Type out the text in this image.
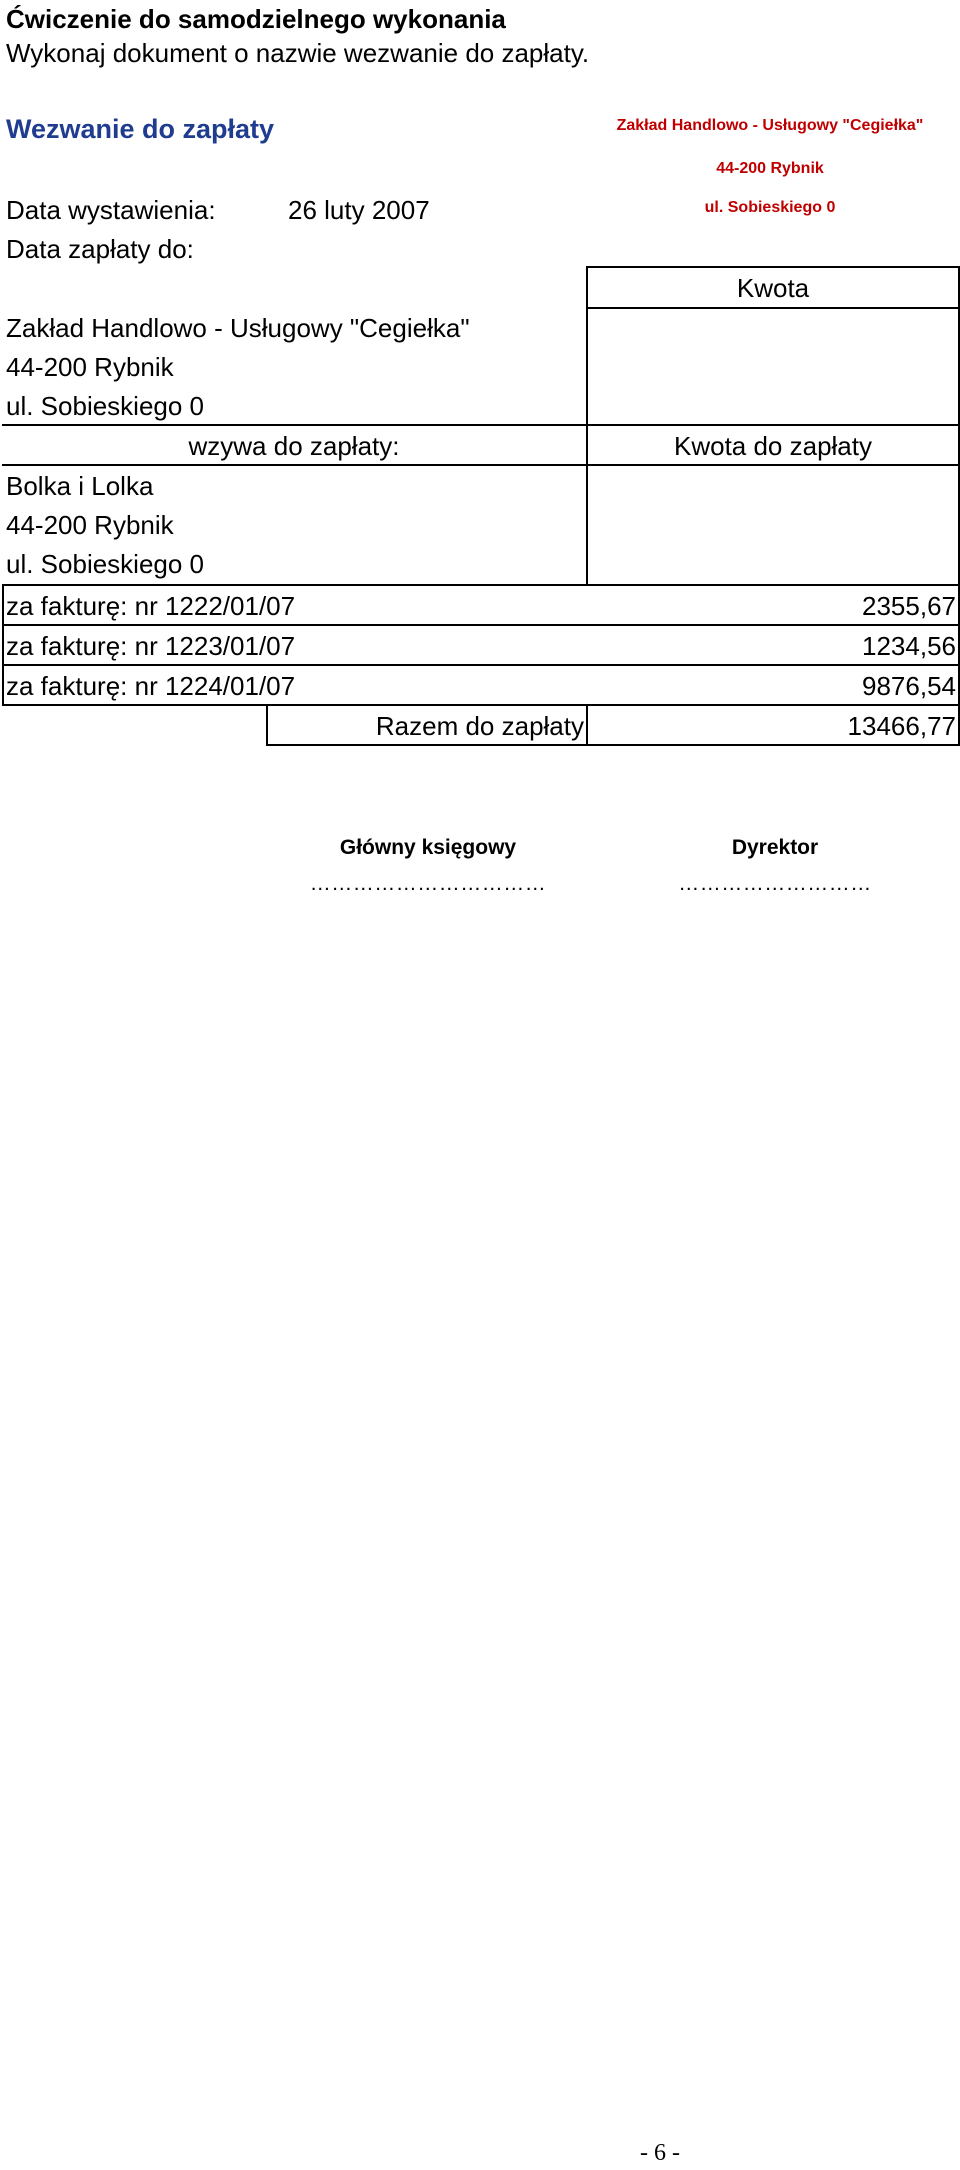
Ćwiczenie do samodzielnego wykonania
Wykonaj dokument o nazwie wezwanie do zapłaty.
Wezwanie do zapłaty	Zakład Handlowo - Usługowy "Cegiełka"
44-200 Rybnik
ul. Sobieskiego 0
Data wystawienia:	26 luty 2007
Data zapłaty do:
Kwota
Zakład Handlowo - Usługowy "Cegiełka"
44-200 Rybnik
ul. Sobieskiego 0
wzywa do zapłaty:	Kwota do zapłaty
Bolka i Lolka
44-200 Rybnik
ul. Sobieskiego 0
za fakturę: nr 1222/01/07	2355,67
za fakturę: nr 1223/01/07	1234,56
za fakturę: nr 1224/01/07	9876,54
Razem do zapłaty	13466,77
Główny księgowy
……………………………
Dyrektor
………………………
- 6 -
